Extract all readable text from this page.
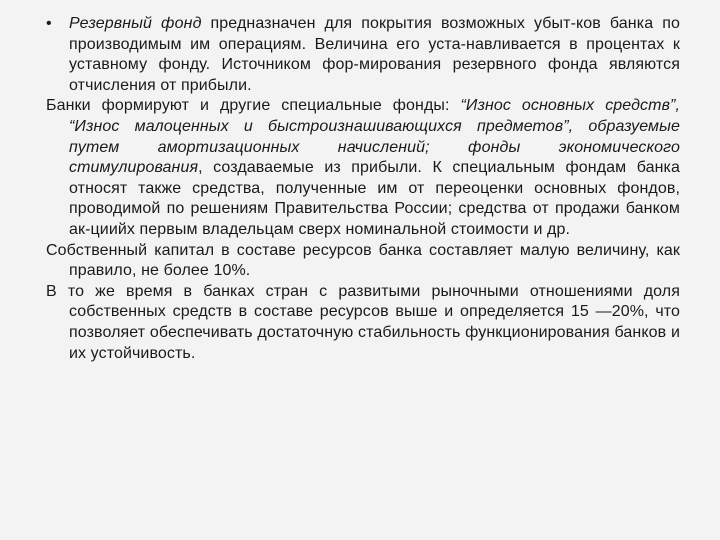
•	Резервный фонд предназначен для покрытия возможных убыт-ков банка по производимым им операциям. Величина его уста-навливается в процентах к уставному фонду. Источником фор-мирования резервного фонда являются отчисления от прибыли.

Банки формируют и другие специальные фонды: “Износ основных средств”, “Износ малоценных и быстроизнашивающихся предметов”, образуемые путем амортизационных начислений; фонды экономического стимулирования, создаваемые из прибыли. К специальным фондам банка относят также средства, полученные им от переоценки основных фондов, проводимой по решениям Правительства России; средства от продажи банком ак-циийх первым владельцам сверх номинальной стоимости и др.

Собственный капитал в составе ресурсов банка составляет малую величину, как правило, не более 10%.

В то же время в банках стран с развитыми рыночными отношениями доля собственных средств в составе ресурсов выше и определяется 15 —20%, что позволяет обеспечивать достаточную стабильность функционирования банков и их устойчивость.
